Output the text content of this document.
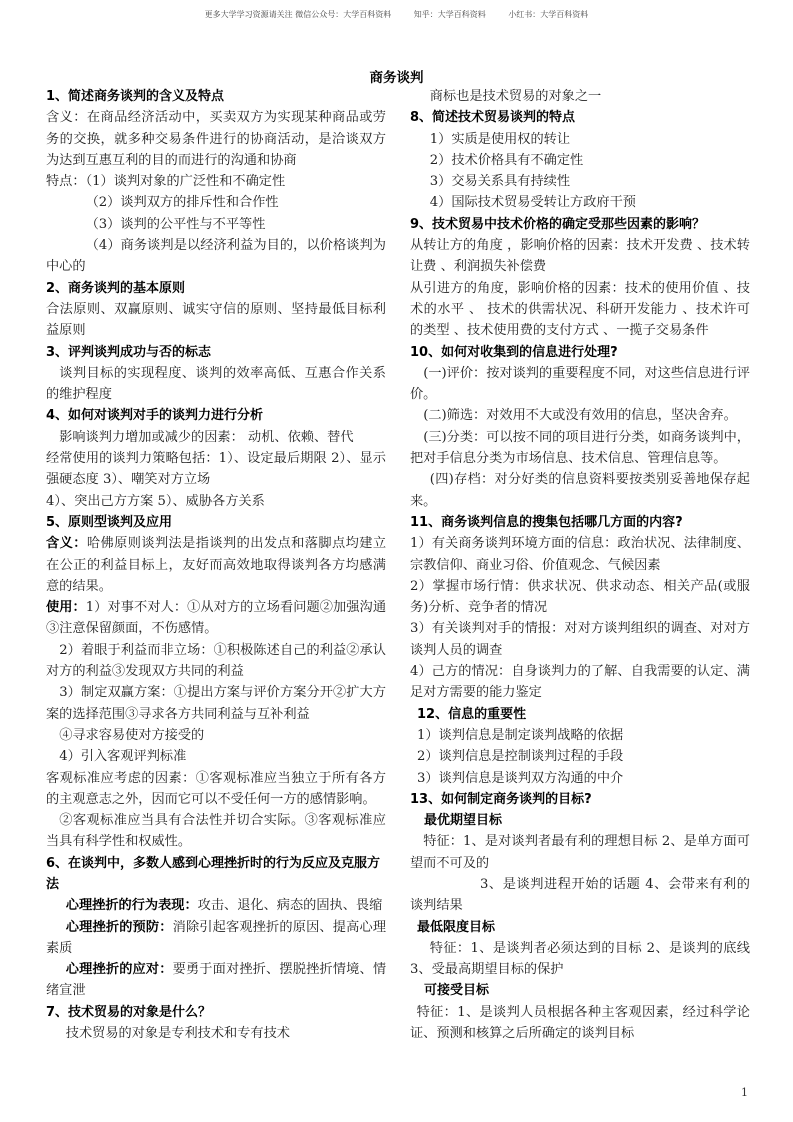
更多大学学习资源请关注 微信公众号：大学百科资料	知乎：大学百科资料	小红书：大学百科资料
商务谈判
1、简述商务谈判的含义及特点

含义：在商品经济活动中，买卖双方为实现某种商品或劳务的交换，就多种交易条件进行的协商活动，是洽谈双方为达到互惠互利的目的而进行的沟通和协商

特点：（1）谈判对象的广泛性和不确定性

（2）谈判双方的排斥性和合作性

（3）谈判的公平性与不平等性

（4）商务谈判是以经济利益为目的，以价格谈判为中心的

2、商务谈判的基本原则

合法原则、双赢原则、诚实守信的原则、坚持最低目标利益原则

3、评判谈判成功与否的标志

谈判目标的实现程度、谈判的效率高低、互惠合作关系的维护程度

4、如何对谈判对手的谈判力进行分析

影响谈判力增加或减少的因素： 动机、依赖、替代

经常使用的谈判力策略包括：1）、设定最后期限 2）、显示强硬态度 3）、嘲笑对方立场

4）、突出己方方案 5）、威胁各方关系

5、原则型谈判及应用

含义：哈佛原则谈判法是指谈判的出发点和落脚点均建立在公正的利益目标上，友好而高效地取得谈判各方均感满意的结果。

使用：1）对事不对人：①从对方的立场看问题②加强沟通③注意保留颜面，不伤感情。

2）着眼于利益而非立场：①积极陈述自己的利益②承认对方的利益③发现双方共同的利益

3）制定双赢方案：①提出方案与评价方案分开②扩大方案的选择范围③寻求各方共同利益与互补利益

④寻求容易使对方接受的

4）引入客观评判标准

客观标准应考虑的因素：①客观标准应当独立于所有各方的主观意志之外，因而它可以不受任何一方的感情影响。

②客观标准应当具有合法性并切合实际。③客观标准应当具有科学性和权威性。

6、在谈判中，多数人感到心理挫折时的行为反应及克服方法

心理挫折的行为表现：攻击、退化、病态的固执、畏缩

心理挫折的预防：消除引起客观挫折的原因、提高心理素质

心理挫折的应对：要勇于面对挫折、摆脱挫折情境、情绪宣泄

7、技术贸易的对象是什么？

技术贸易的对象是专利技术和专有技术

商标也是技术贸易的对象之一

8、简述技术贸易谈判的特点

1）实质是使用权的转让

2）技术价格具有不确定性

3）交易关系具有持续性

4）国际技术贸易受转让方政府干预

9、技术贸易中技术价格的确定受那些因素的影响？

从转让方的角度 ，影响价格的因素：技术开发费 、技术转让费 、利润损失补偿费

从引进方的角度，影响价格的因素：技术的使用价值 、技术的水平 、 技术的供需状况、科研开发能力 、技术许可的类型 、技术使用费的支付方式 、一揽子交易条件

10、如何对收集到的信息进行处理?

(一)评价：按对谈判的重要程度不同，对这些信息进行评价。

(二)筛选：对效用不大或没有效用的信息，坚决舍弃。

(三)分类：可以按不同的项目进行分类，如商务谈判中，把对手信息分类为市场信息、技术信息、管理信息等。

(四)存档：对分好类的信息资料要按类别妥善地保存起来。

11、商务谈判信息的搜集包括哪几方面的内容?

1）有关商务谈判环境方面的信息：政治状况、法律制度、宗教信仰、商业习俗、价值观念、气候因素

2）掌握市场行情：供求状况、供求动态、相关产品(或服务)分析、竞争者的情况

3）有关谈判对手的情报：对对方谈判组织的调查、对对方谈判人员的调查

4）己方的情况：自身谈判力的了解、自我需要的认定、满足对方需要的能力鉴定

12、信息的重要性

1）谈判信息是制定谈判战略的依据

2）谈判信息是控制谈判过程的手段

3）谈判信息是谈判双方沟通的中介

13、如何制定商务谈判的目标?
最优期望目标

特征：1、是对谈判者最有利的理想目标 2、是单方面可望而不可及的

3、是谈判进程开始的话题 4、会带来有利的谈判结果

最低限度目标

特征：1、是谈判者必须达到的目标 2、是谈判的底线 3、受最高期望目标的保护

可接受目标

特征：1、是谈判人员根据各种主客观因素，经过科学论证、预测和核算之后所确定的谈判目标

1
